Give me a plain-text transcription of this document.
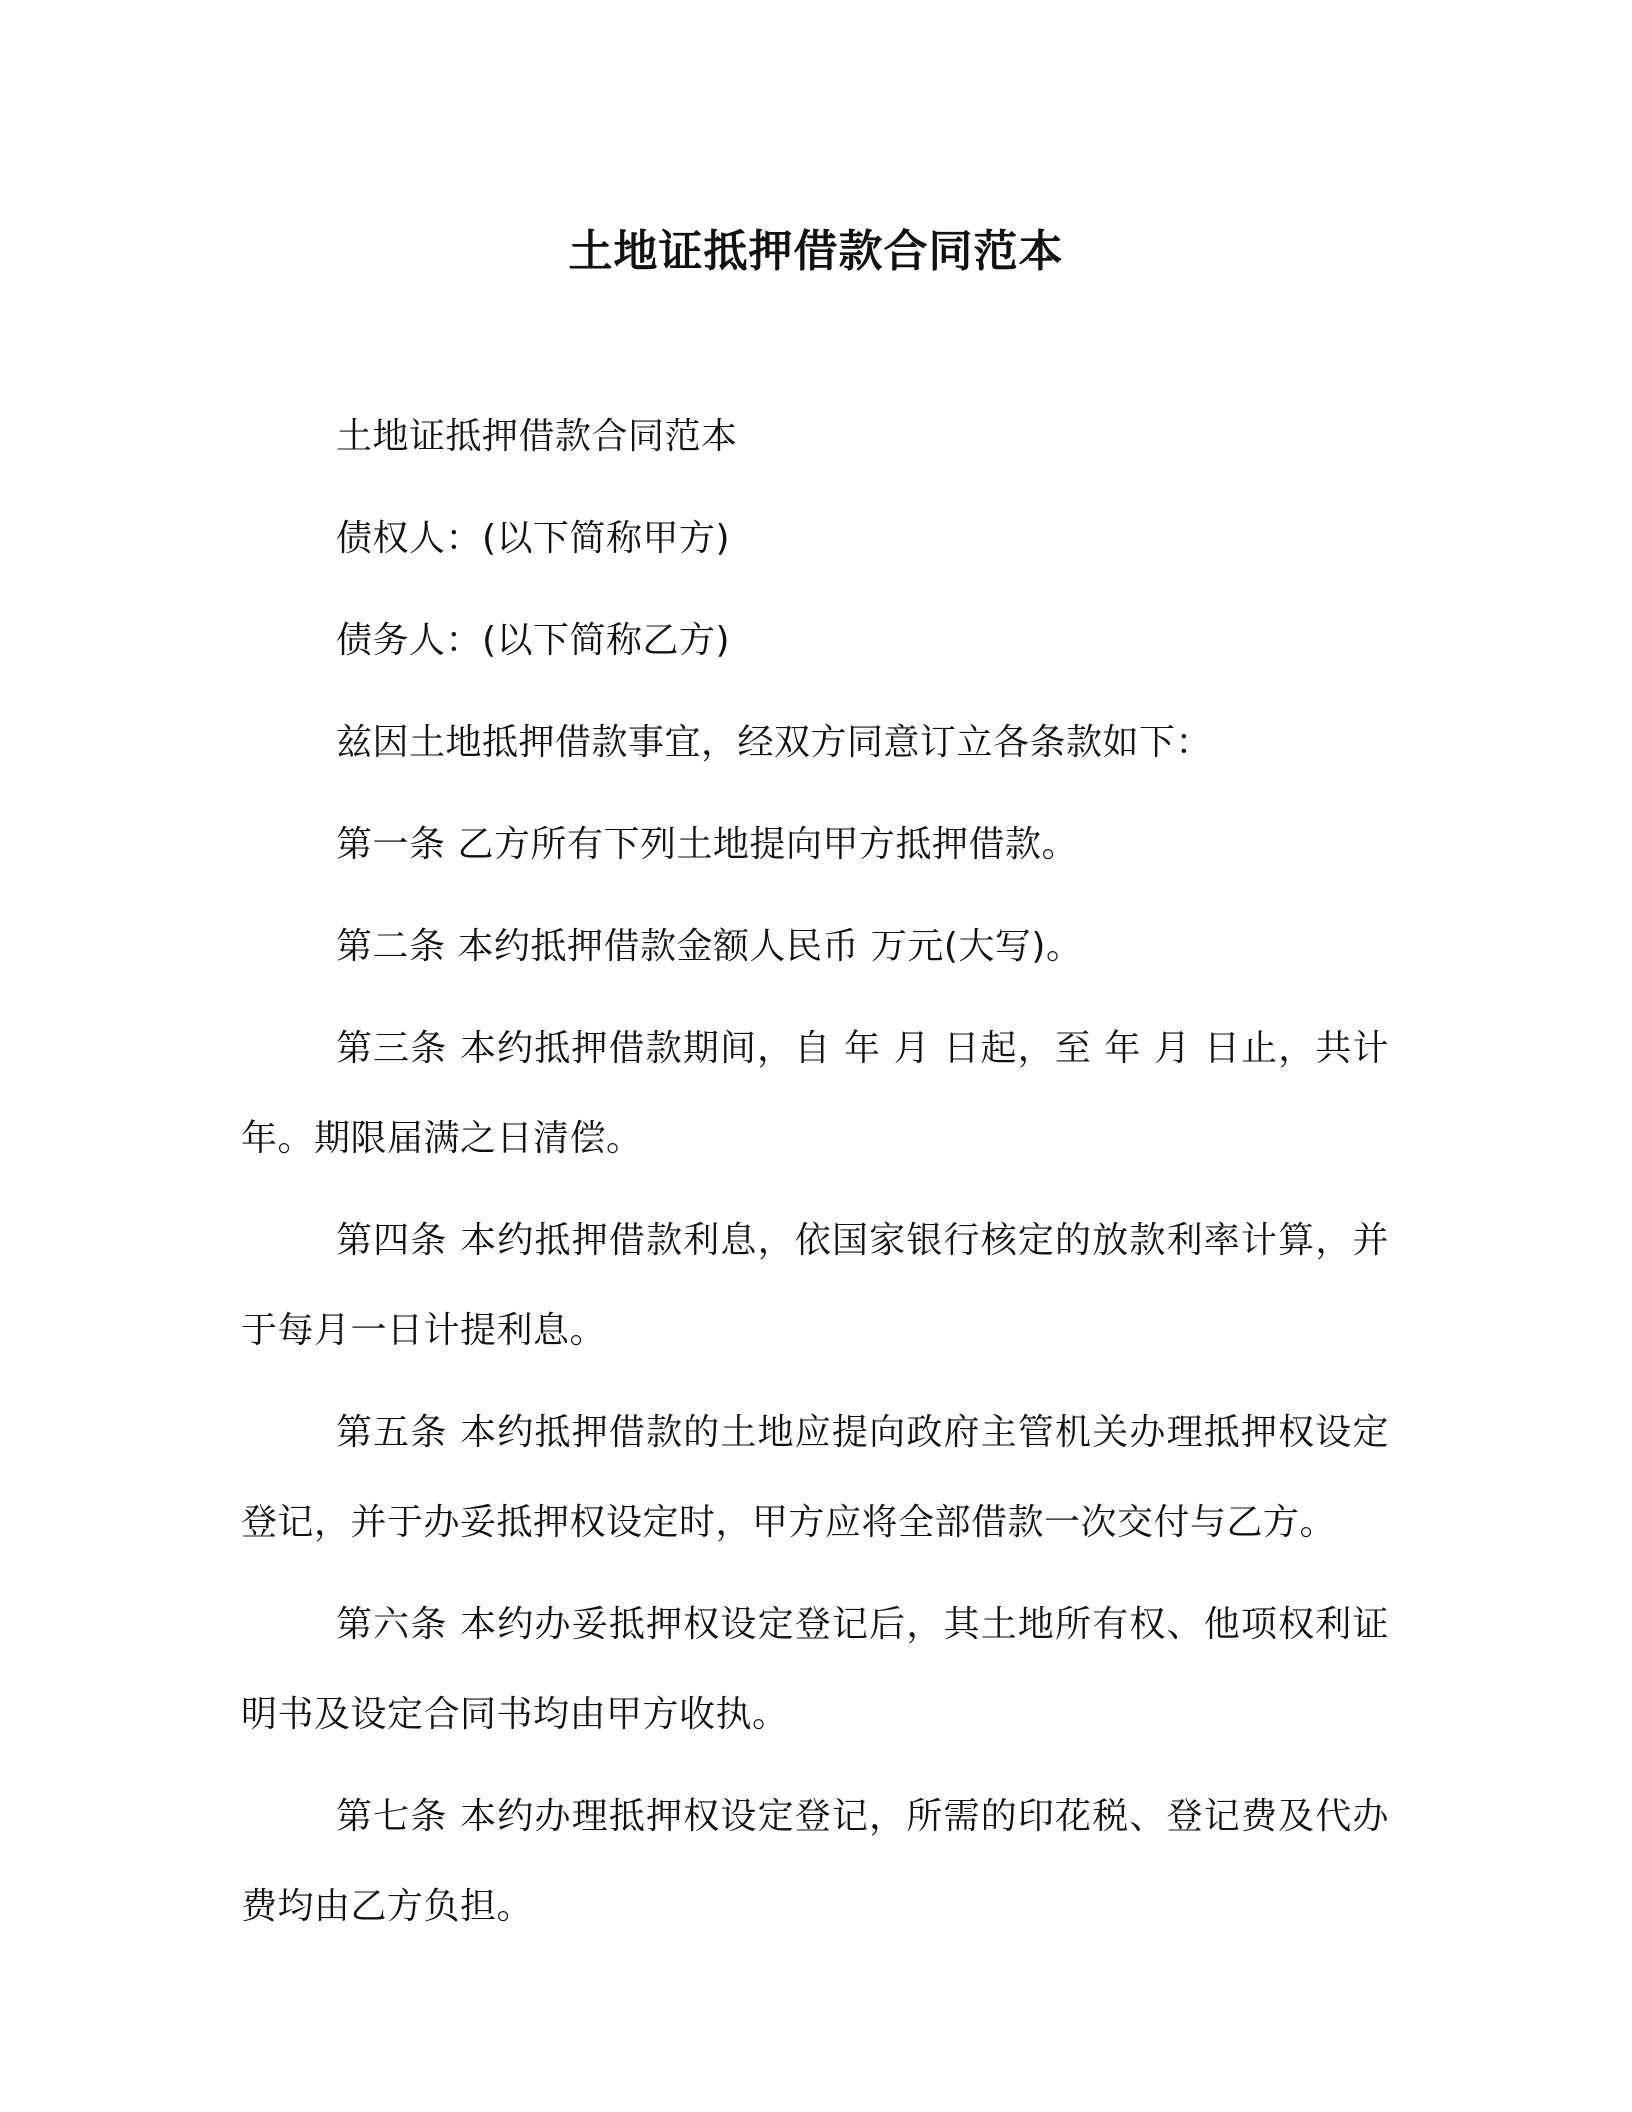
土地证抵押借款合同范本

土地证抵押借款合同范本

债权人：(以下简称甲方)

债务人：(以下简称乙方)

兹因土地抵押借款事宜，经双方同意订立各条款如下：

第一条 乙方所有下列土地提向甲方抵押借款。

第二条 本约抵押借款金额人民币 万元(大写)。

第三条 本约抵押借款期间，自 年 月 日起，至 年 月 日止，共计 年。期限届满之日清偿。

第四条 本约抵押借款利息，依国家银行核定的放款利率计算，并于每月一日计提利息。

第五条 本约抵押借款的土地应提向政府主管机关办理抵押权设定登记，并于办妥抵押权设定时，甲方应将全部借款一次交付与乙方。

第六条 本约办妥抵押权设定登记后，其土地所有权、他项权利证明书及设定合同书均由甲方收执。

第七条 本约办理抵押权设定登记，所需的印花税、登记费及代办费均由乙方负担。
